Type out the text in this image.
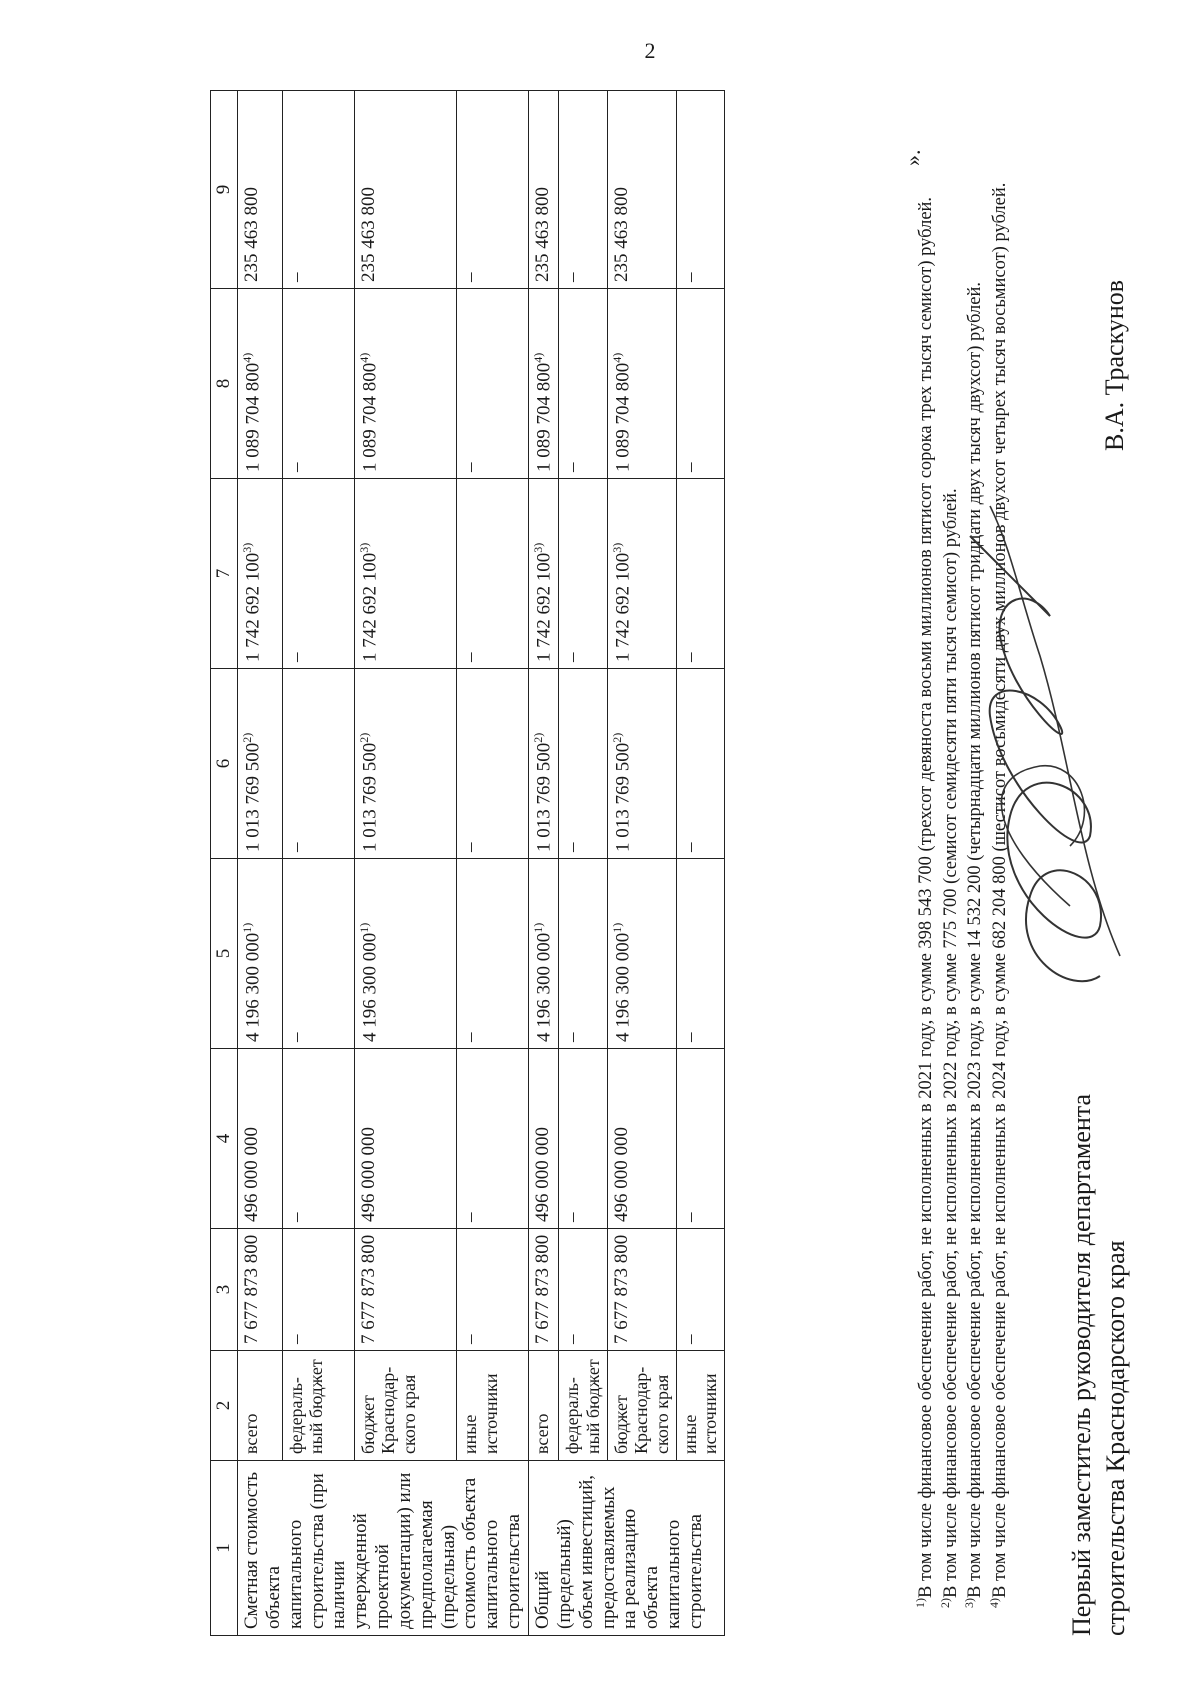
2
1	2	3	4	5	6	7	8	9
Сметная стоимость объекта капитального строительства (при наличии утвержденной проектной документации) или предполагаемая (предельная) стоимость объекта капитального строительства	всего	7 677 873 800	496 000 000	4 196 300 000$^{1)}$	1 013 769 500$^{2)}$	1 742 692 100$^{3)}$	1 089 704 800$^{4)}$	235 463 800
	федераль-ный бюджет	–	–	–	–	–	–	–
	бюджет Краснодар-ского края	7 677 873 800	496 000 000	4 196 300 000$^{1)}$	1 013 769 500$^{2)}$	1 742 692 100$^{3)}$	1 089 704 800$^{4)}$	235 463 800
	иные источники	–	–	–	–	–	–	–
Общий (предельный) объем инвестиций, предоставляемых на реализацию объекта капитального строительства	всего	7 677 873 800	496 000 000	4 196 300 000$^{1)}$	1 013 769 500$^{2)}$	1 742 692 100$^{3)}$	1 089 704 800$^{4)}$	235 463 800
	федераль-ный бюджет	–	–	–	–	–	–	–
	бюджет Краснодар-ского края	7 677 873 800	496 000 000	4 196 300 000$^{1)}$	1 013 769 500$^{2)}$	1 742 692 100$^{3)}$	1 089 704 800$^{4)}$	235 463 800
	иные источники	–	–	–	–	–	–	–

$^{1)}$В том числе финансовое обеспечение работ, не исполненных в 2021 году, в сумме 398 543 700 (трехсот девяноста восьми миллионов пятисот сорока трех тысяч семисот) рублей.

$^{2)}$В том числе финансовое обеспечение работ, не исполненных в 2022 году, в сумме 775 700 (семисот семидесяти пяти тысяч семисот) рублей.

$^{3)}$В том числе финансовое обеспечение работ, не исполненных в 2023 году, в сумме 14 532 200 (четырнадцати миллионов пятисот тридцати двух тысяч двухсот) рублей.

$^{4)}$В том числе финансовое обеспечение работ, не исполненных в 2024 году, в сумме 682 204 800 (шестисот восьмидесяти двух миллионов двухсот четырех тысяч восьмисот) рублей.

».
Первый заместитель руководителя департамента строительства Краснодарского края
В.А. Траскунов
